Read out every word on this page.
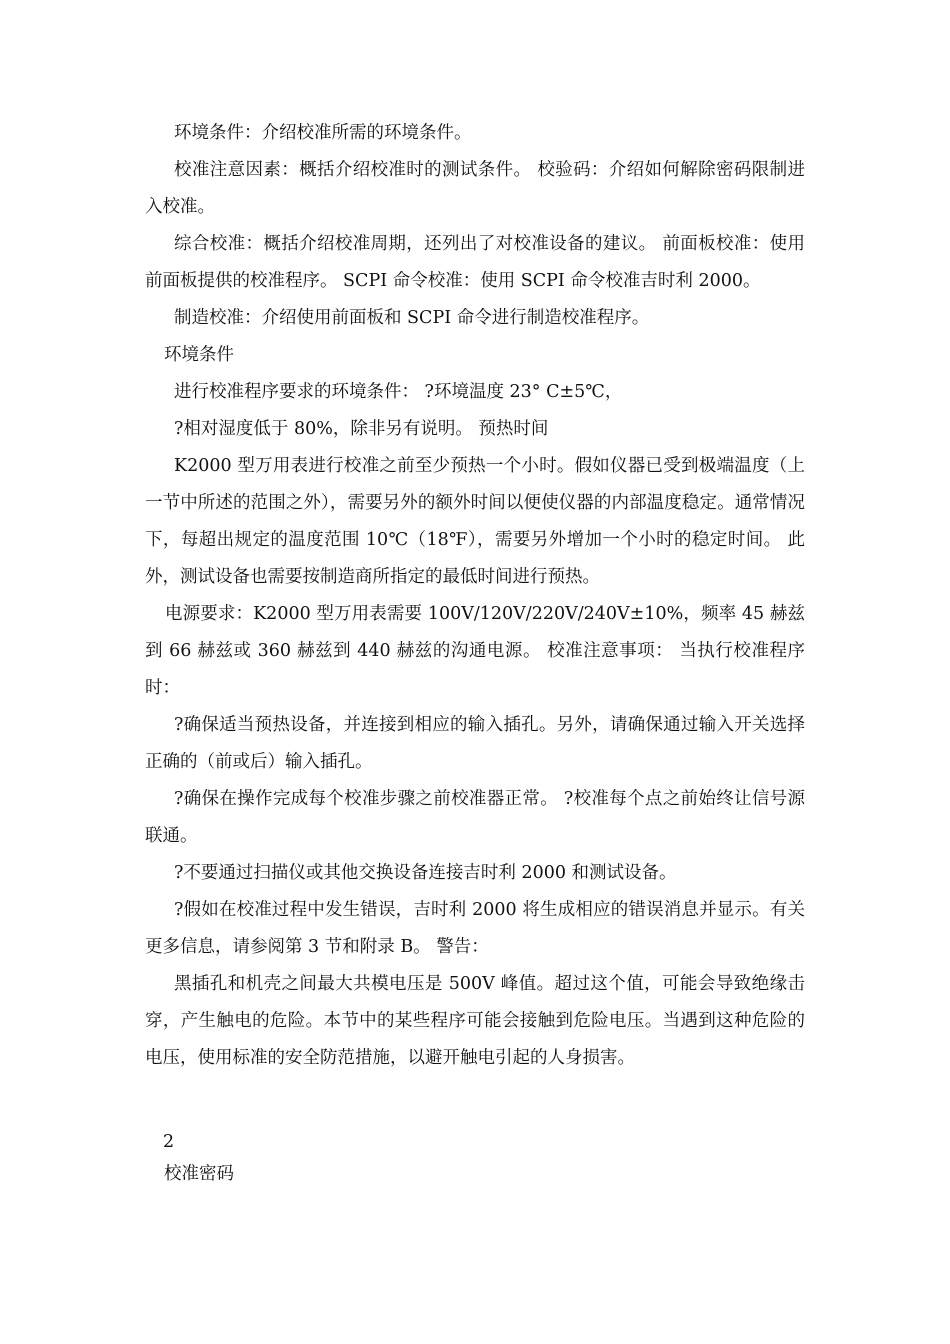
环境条件：介绍校准所需的环境条件。

校准注意因素：概括介绍校准时的测试条件。 校验码：介绍如何解除密码限制进入校准。

综合校准：概括介绍校准周期，还列出了对校准设备的建议。 前面板校准：使用前面板提供的校准程序。 SCPI 命令校准：使用 SCPI 命令校准吉时利 2000。

制造校准：介绍使用前面板和 SCPI 命令进行制造校准程序。

环境条件

进行校准程序要求的环境条件： ?环境温度 23° C±5℃，

?相对湿度低于 80%，除非另有说明。 预热时间

K2000 型万用表进行校准之前至少预热一个小时。假如仪器已受到极端温度（上一节中所述的范围之外），需要另外的额外时间以便使仪器的内部温度稳定。通常情况下，每超出规定的温度范围 10℃（18℉），需要另外增加一个小时的稳定时间。 此外，测试设备也需要按制造商所指定的最低时间进行预热。

电源要求：K2000 型万用表需要 100V/120V/220V/240V±10%，频率 45 赫兹到 66 赫兹或 360 赫兹到 440 赫兹的沟通电源。 校准注意事项： 当执行校准程序时：

?确保适当预热设备，并连接到相应的输入插孔。另外，请确保通过输入开关选择正确的（前或后）输入插孔。

?确保在操作完成每个校准步骤之前校准器正常。 ?校准每个点之前始终让信号源联通。

?不要通过扫描仪或其他交换设备连接吉时利 2000 和测试设备。

?假如在校准过程中发生错误，吉时利 2000 将生成相应的错误消息并显示。有关更多信息，请参阅第 3 节和附录 B。 警告：

黑插孔和机壳之间最大共模电压是 500V 峰值。超过这个值，可能会导致绝缘击穿，产生触电的危险。本节中的某些程序可能会接触到危险电压。当遇到这种危险的电压，使用标准的安全防范措施，以避开触电引起的人身损害。

2
校准密码
